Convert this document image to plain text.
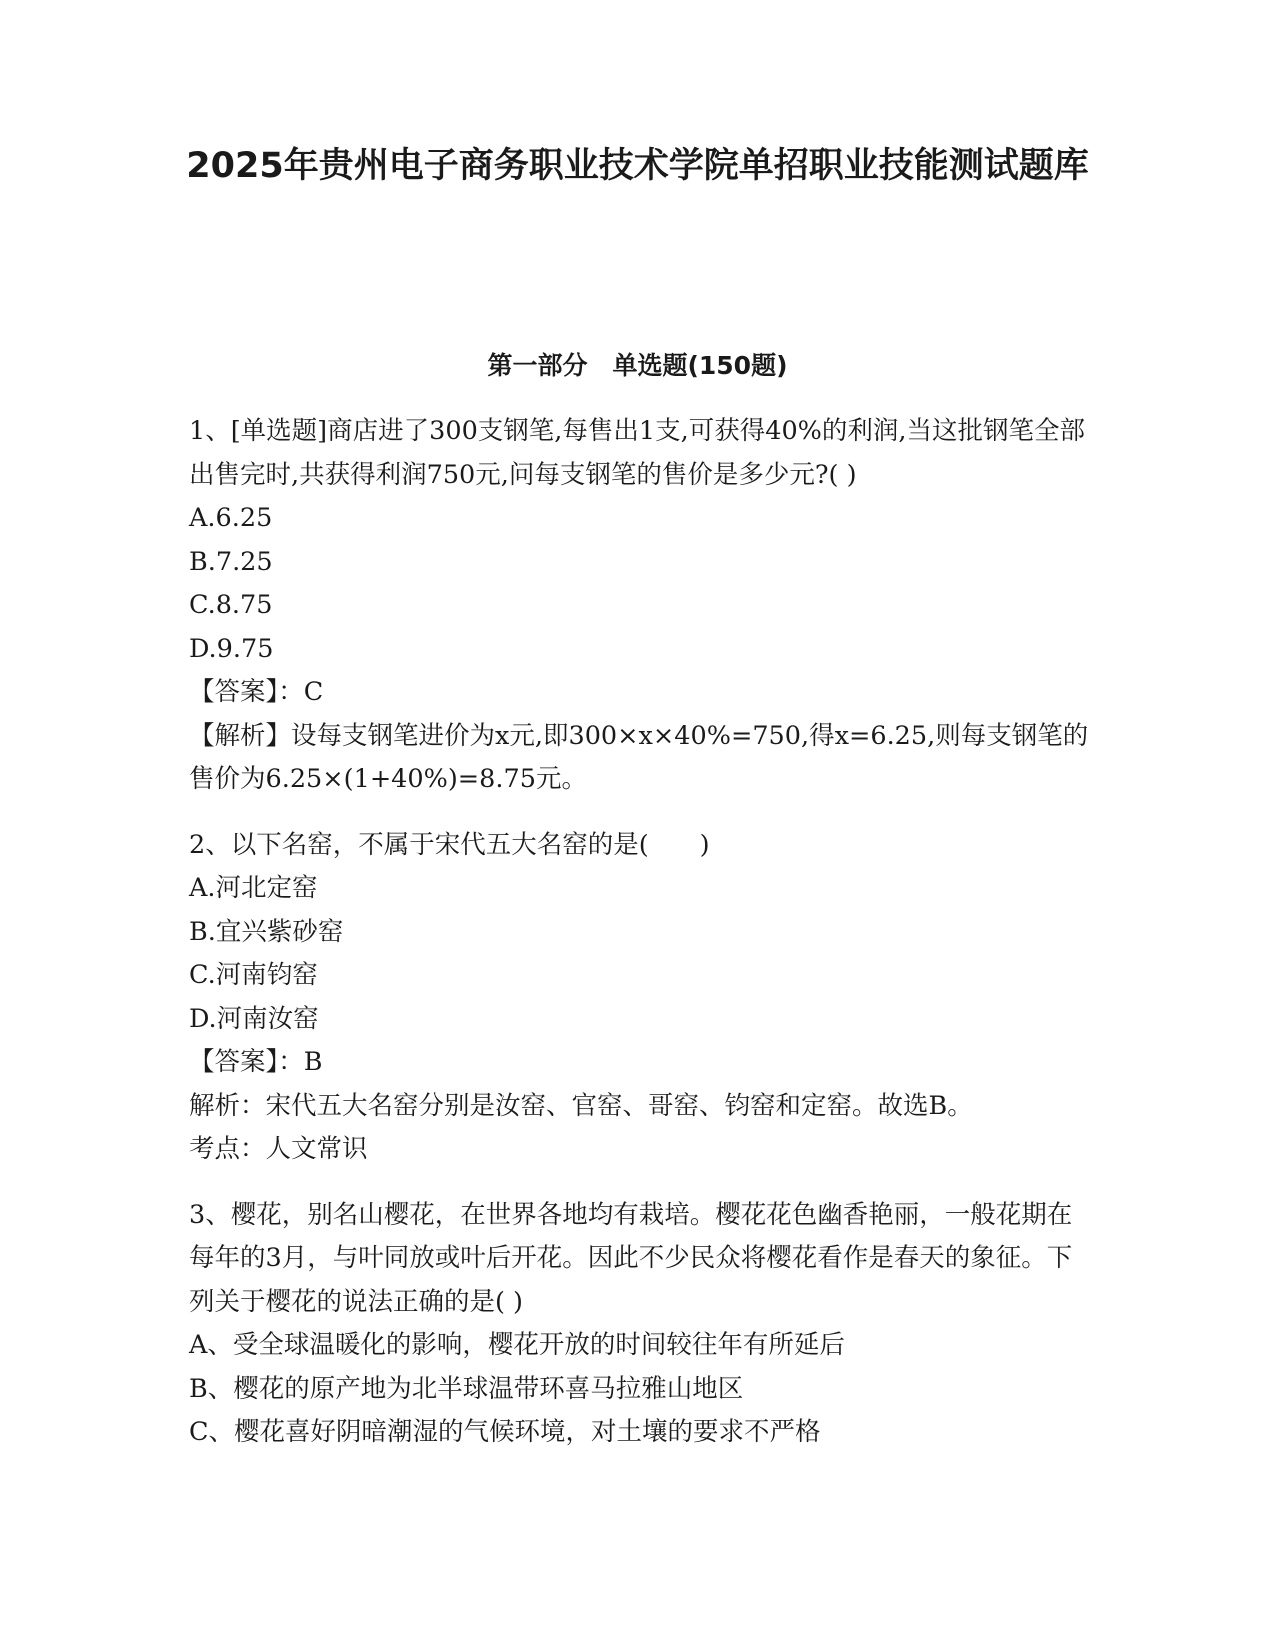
2025年贵州电子商务职业技术学院单招职业技能测试题库
第一部分　单选题(150题)

1、[单选题]商店进了300支钢笔,每售出1支,可获得40%的利润,当这批钢笔全部出售完时,共获得利润750元,问每支钢笔的售价是多少元?( )

A.6.25

B.7.25

C.8.75

D.9.75

【答案】：C

【解析】设每支钢笔进价为x元,即300×x×40%=750,得x=6.25,则每支钢笔的售价为6.25×(1+40%)=8.75元。

2、以下名窑，不属于宋代五大名窑的是(　　)

A.河北定窑

B.宜兴紫砂窑

C.河南钧窑

D.河南汝窑

【答案】：B

解析：宋代五大名窑分别是汝窑、官窑、哥窑、钧窑和定窑。故选B。

考点：人文常识

3、樱花，别名山樱花，在世界各地均有栽培。樱花花色幽香艳丽，一般花期在每年的3月，与叶同放或叶后开花。因此不少民众将樱花看作是春天的象征。下列关于樱花的说法正确的是( )

A、受全球温暖化的影响，樱花开放的时间较往年有所延后

B、樱花的原产地为北半球温带环喜马拉雅山地区

C、樱花喜好阴暗潮湿的气候环境，对土壤的要求不严格
